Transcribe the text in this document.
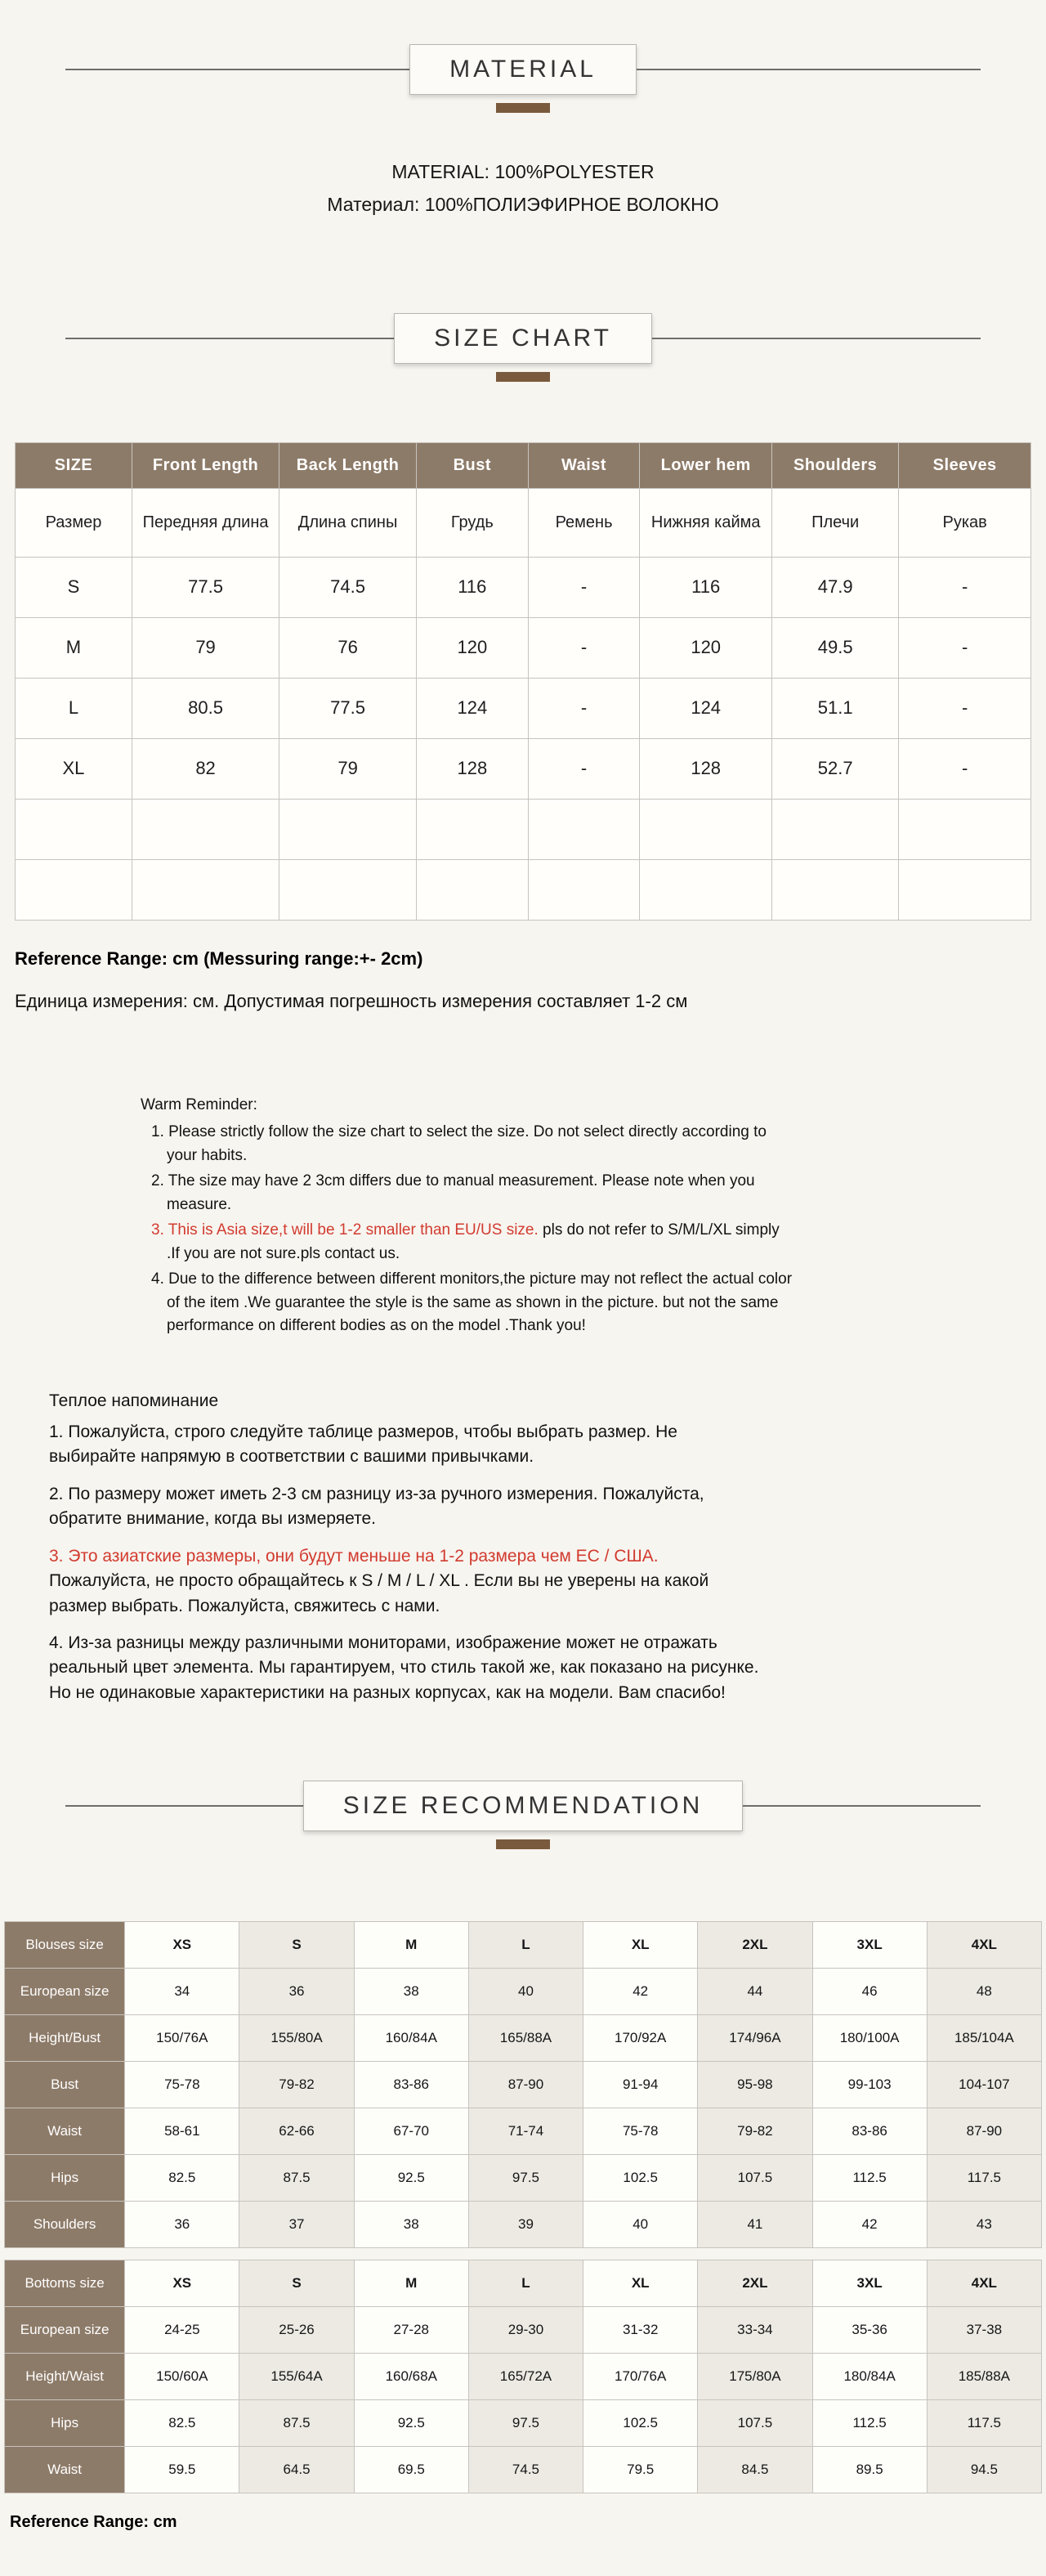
MATERIAL

MATERIAL: 100%POLYESTER

Материал: 100%ПОЛИЭФИРНОЕ ВОЛОКНО

SIZE CHART
SIZE	Front Length	Back Length	Bust	Waist	Lower hem	Shoulders	Sleeves
Размер	Передняя длина	Длина спины	Грудь	Ремень	Нижняя кайма	Плечи	Рукав
S	77.5	74.5	116	-	116	47.9	-
M	79	76	120	-	120	49.5	-
L	80.5	77.5	124	-	124	51.1	-
XL	82	79	128	-	128	52.7	-

Reference Range: cm (Messuring range:+- 2cm)

Единица измерения: см. Допустимая погрешность измерения составляет 1-2 см

Warm Reminder:

1. Please strictly follow the size chart to select the size. Do not select directly according to your habits.

2. The size may have 2 3cm differs due to manual measurement. Please note when you measure.

3. This is Asia size,t will be 1-2 smaller than EU/US size. pls do not refer to S/M/L/XL simply .If you are not sure.pls contact us.

4. Due to the difference between different monitors,the picture may not reflect the actual color of the item .We guarantee the style is the same as shown in the picture. but not the same performance on different bodies as on the model .Thank you!

Теплое напоминание

1. Пожалуйста, строго следуйте таблице размеров, чтобы выбрать размер. Не выбирайте напрямую в соответствии с вашими привычками.

2. По размеру может иметь 2-3 см разницу из-за ручного измерения. Пожалуйста, обратите внимание, когда вы измеряете.

3. Это азиатские размеры, они будут меньше на 1-2 размера чем ЕС / США.
Пожалуйста, не просто обращайтесь к S / M / L / XL . Если вы не уверены на какой размер выбрать. Пожалуйста, свяжитесь с нами.

4. Из-за разницы между различными мониторами, изображение может не отражать реальный цвет элемента. Мы гарантируем, что стиль такой же, как показано на рисунке. Но не одинаковые характеристики на разных корпусах, как на модели. Вам спасибо!

SIZE RECOMMENDATION
Blouses size	XS	S	M	L	XL	2XL	3XL	4XL
European size	34	36	38	40	42	44	46	48
Height/Bust	150/76A	155/80A	160/84A	165/88A	170/92A	174/96A	180/100A	185/104A
Bust	75-78	79-82	83-86	87-90	91-94	95-98	99-103	104-107
Waist	58-61	62-66	67-70	71-74	75-78	79-82	83-86	87-90
Hips	82.5	87.5	92.5	97.5	102.5	107.5	112.5	117.5
Shoulders	36	37	38	39	40	41	42	43
Bottoms size	XS	S	M	L	XL	2XL	3XL	4XL
European size	24-25	25-26	27-28	29-30	31-32	33-34	35-36	37-38
Height/Waist	150/60A	155/64A	160/68A	165/72A	170/76A	175/80A	180/84A	185/88A
Hips	82.5	87.5	92.5	97.5	102.5	107.5	112.5	117.5
Waist	59.5	64.5	69.5	74.5	79.5	84.5	89.5	94.5

Reference Range: cm
